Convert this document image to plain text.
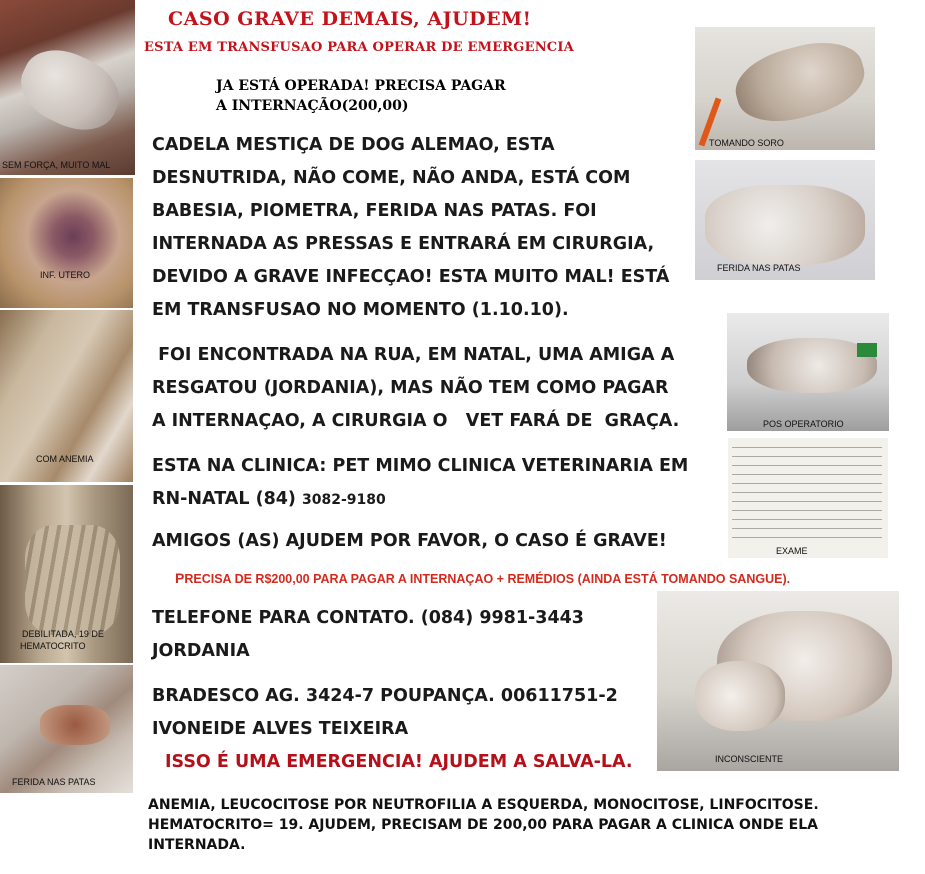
SEM FORÇA, MUITO MAL
INF. UTERO
COM ANEMIA
DEBILITADA, 19 DE
HEMATOCRITO
FERIDA NAS PATAS
TOMANDO SORO
FERIDA NAS PATAS
POS OPERATORIO
EXAME
INCONSCIENTE
CASO GRAVE DEMAIS, AJUDEM!
ESTA EM TRANSFUSAO PARA OPERAR DE EMERGENCIA
JA ESTÁ OPERADA! PRECISA PAGAR
A INTERNAÇÃO(200,00)
CADELA MESTIÇA DE DOG ALEMAO, ESTA
DESNUTRIDA, NÃO COME, NÃO ANDA, ESTÁ COM
BABESIA, PIOMETRA, FERIDA NAS PATAS. FOI
INTERNADA AS PRESSAS E ENTRARÁ EM CIRURGIA,
DEVIDO A GRAVE INFECÇAO! ESTA MUITO MAL! ESTÁ
EM TRANSFUSAO NO MOMENTO (1.10.10).
FOI ENCONTRADA NA RUA, EM NATAL, UMA AMIGA A
RESGATOU (JORDANIA), MAS NÃO TEM COMO PAGAR
A INTERNAÇAO, A CIRURGIA O   VET FARÁ DE  GRAÇA.
ESTA NA CLINICA: PET MIMO CLINICA VETERINARIA EM
RN-NATAL (84) 3082-9180
AMIGOS (AS) AJUDEM POR FAVOR, O CASO É GRAVE!
PRECISA DE R$200,00 PARA PAGAR A INTERNAÇAO + REMÉDIOS (AINDA ESTÁ TOMANDO SANGUE).
TELEFONE PARA CONTATO. (084) 9981-3443
JORDANIA
BRADESCO AG. 3424-7 POUPANÇA. 00611751-2
IVONEIDE ALVES TEIXEIRA
ISSO É UMA EMERGENCIA! AJUDEM A SALVA-LA.
ANEMIA, LEUCOCITOSE POR NEUTROFILIA A ESQUERDA, MONOCITOSE, LINFOCITOSE.
HEMATOCRITO= 19. AJUDEM, PRECISAM DE 200,00 PARA PAGAR A CLINICA ONDE ELA
INTERNADA.
